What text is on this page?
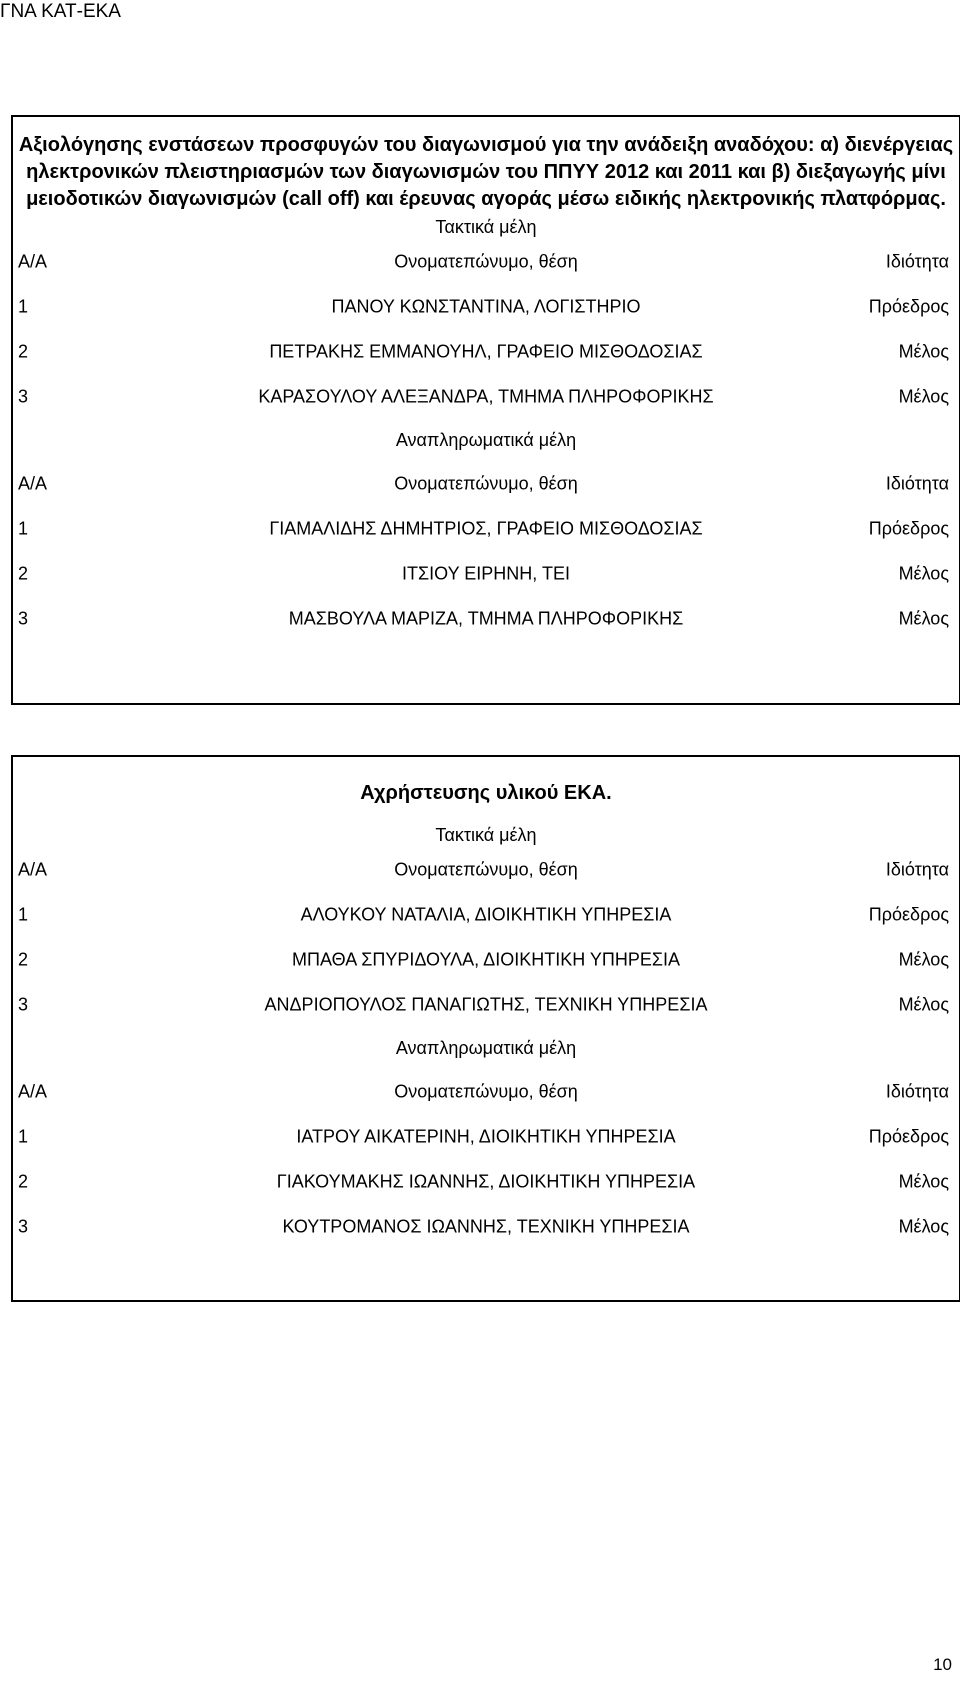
ΓΝΑ ΚΑΤ-ΕΚΑ
Αξιολόγησης ενστάσεων προσφυγών του διαγωνισμού για την ανάδειξη αναδόχου: α) διενέργειας ηλεκτρονικών πλειστηριασμών των διαγωνισμών του ΠΠΥΥ 2012 και 2011 και β) διεξαγωγής μίνι μειοδοτικών διαγωνισμών (call off) και έρευνας αγοράς μέσω ειδικής ηλεκτρονικής πλατφόρμας.
Τακτικά μέλη
Α/Α	Ονοματεπώνυμο, θέση	Ιδιότητα
1	ΠΑΝΟΥ ΚΩΝΣΤΑΝΤΙΝΑ, ΛΟΓΙΣΤΗΡΙΟ	Πρόεδρος
2	ΠΕΤΡΑΚΗΣ ΕΜΜΑΝΟΥΗΛ, ΓΡΑΦΕΙΟ ΜΙΣΘΟΔΟΣΙΑΣ	Μέλος
3	ΚΑΡΑΣΟΥΛΟΥ ΑΛΕΞΑΝΔΡΑ, ΤΜΗΜΑ ΠΛΗΡΟΦΟΡΙΚΗΣ	Μέλος
Αναπληρωματικά μέλη
Α/Α	Ονοματεπώνυμο, θέση	Ιδιότητα
1	ΓΙΑΜΑΛΙΔΗΣ ΔΗΜΗΤΡΙΟΣ, ΓΡΑΦΕΙΟ ΜΙΣΘΟΔΟΣΙΑΣ	Πρόεδρος
2	ΙΤΣΙΟΥ ΕΙΡΗΝΗ, ΤΕΙ	Μέλος
3	ΜΑΣΒΟΥΛΑ ΜΑΡΙΖΑ, ΤΜΗΜΑ ΠΛΗΡΟΦΟΡΙΚΗΣ	Μέλος
Αχρήστευσης υλικού ΕΚΑ.
Τακτικά μέλη
Α/Α	Ονοματεπώνυμο, θέση	Ιδιότητα
1	ΑΛΟΥΚΟΥ ΝΑΤΑΛΙΑ, ΔΙΟΙΚΗΤΙΚΗ ΥΠΗΡΕΣΙΑ	Πρόεδρος
2	ΜΠΑΘΑ ΣΠΥΡΙΔΟΥΛΑ, ΔΙΟΙΚΗΤΙΚΗ ΥΠΗΡΕΣΙΑ	Μέλος
3	ΑΝΔΡΙΟΠΟΥΛΟΣ ΠΑΝΑΓΙΩΤΗΣ, ΤΕΧΝΙΚΗ ΥΠΗΡΕΣΙΑ	Μέλος
Αναπληρωματικά μέλη
Α/Α	Ονοματεπώνυμο, θέση	Ιδιότητα
1	ΙΑΤΡΟΥ ΑΙΚΑΤΕΡΙΝΗ, ΔΙΟΙΚΗΤΙΚΗ ΥΠΗΡΕΣΙΑ	Πρόεδρος
2	ΓΙΑΚΟΥΜΑΚΗΣ ΙΩΑΝΝΗΣ, ΔΙΟΙΚΗΤΙΚΗ ΥΠΗΡΕΣΙΑ	Μέλος
3	ΚΟΥΤΡΟΜΑΝΟΣ ΙΩΑΝΝΗΣ, ΤΕΧΝΙΚΗ ΥΠΗΡΕΣΙΑ	Μέλος
10
